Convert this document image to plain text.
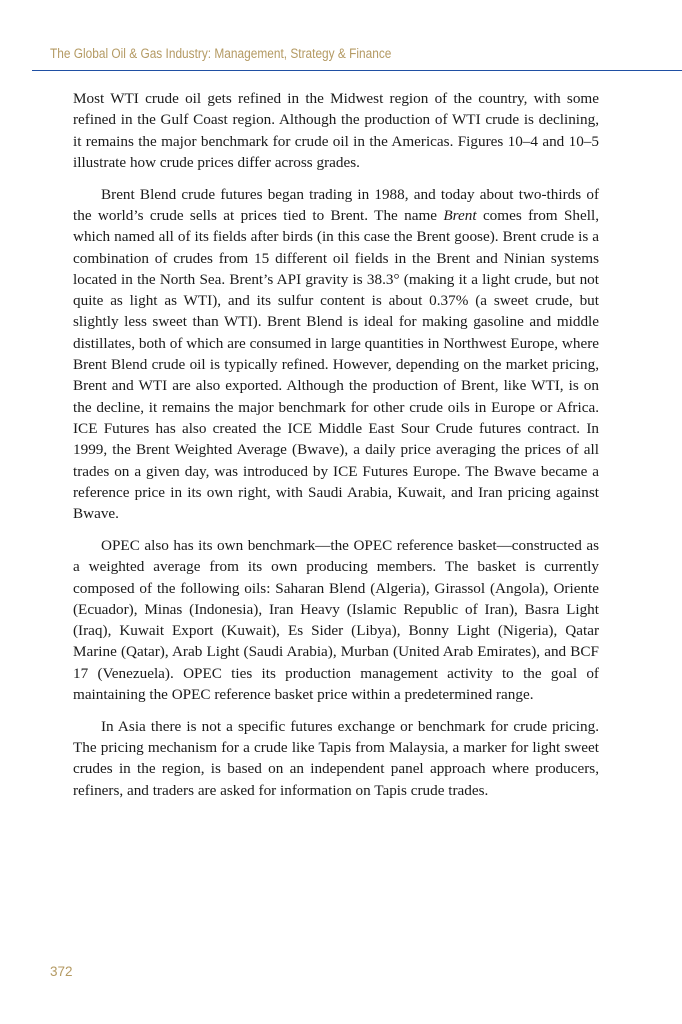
The Global Oil & Gas Industry: Management, Strategy & Finance

Most WTI crude oil gets refined in the Midwest region of the country, with some refined in the Gulf Coast region. Although the production of WTI crude is declining, it remains the major benchmark for crude oil in the Americas. Figures 10–4 and 10–5 illustrate how crude prices differ across grades.

Brent Blend crude futures began trading in 1988, and today about two-thirds of the world’s crude sells at prices tied to Brent. The name Brent comes from Shell, which named all of its fields after birds (in this case the Brent goose). Brent crude is a combination of crudes from 15 different oil fields in the Brent and Ninian systems located in the North Sea. Brent’s API gravity is 38.3° (making it a light crude, but not quite as light as WTI), and its sulfur content is about 0.37% (a sweet crude, but slightly less sweet than WTI). Brent Blend is ideal for making gasoline and middle distillates, both of which are consumed in large quantities in Northwest Europe, where Brent Blend crude oil is typically refined. However, depending on the market pricing, Brent and WTI are also exported. Although the production of Brent, like WTI, is on the decline, it remains the major benchmark for other crude oils in Europe or Africa. ICE Futures has also created the ICE Middle East Sour Crude futures contract. In 1999, the Brent Weighted Average (Bwave), a daily price averaging the prices of all trades on a given day, was introduced by ICE Futures Europe. The Bwave became a reference price in its own right, with Saudi Arabia, Kuwait, and Iran pricing against Bwave.

OPEC also has its own benchmark—the OPEC reference basket—constructed as a weighted average from its own producing members. The basket is currently composed of the following oils: Saharan Blend (Algeria), Girassol (Angola), Oriente (Ecuador), Minas (Indonesia), Iran Heavy (Islamic Republic of Iran), Basra Light (Iraq), Kuwait Export (Kuwait), Es Sider (Libya), Bonny Light (Nigeria), Qatar Marine (Qatar), Arab Light (Saudi Arabia), Murban (United Arab Emirates), and BCF 17 (Venezuela). OPEC ties its production management activity to the goal of maintaining the OPEC reference basket price within a predetermined range.

In Asia there is not a specific futures exchange or benchmark for crude pricing. The pricing mechanism for a crude like Tapis from Malaysia, a marker for light sweet crudes in the region, is based on an independent panel approach where producers, refiners, and traders are asked for information on Tapis crude trades.

372
